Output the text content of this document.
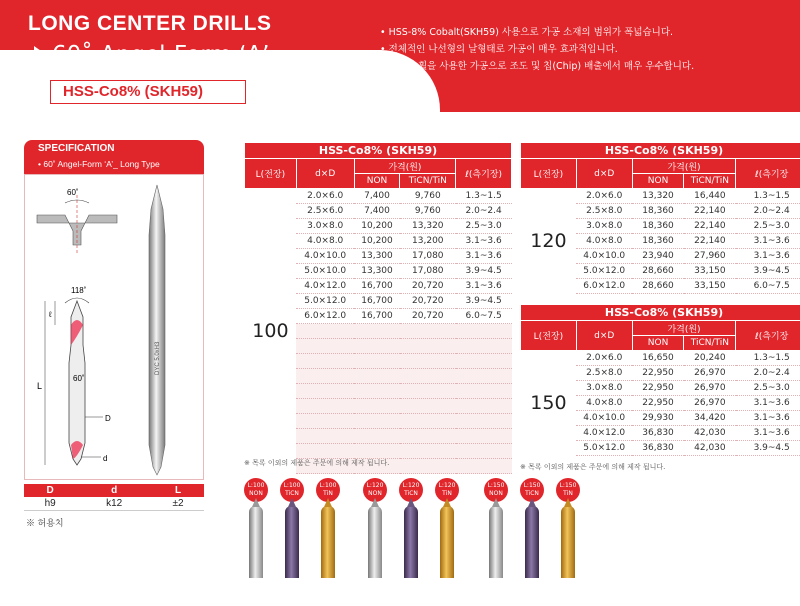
LONG CENTER DRILLS
60˚ Angel-Form ‘A’
HSS-Co8% (SKH59)
• HSS-8% Cobalt(SKH59) 사용으로 가공 소재의 범위가 폭넓습니다.
• 전체적인 나선형의 날형태로 가공이 매우 효과적입니다.
• C.B.N 휠을 사용한 가공으로 조도 및 칩(Chip) 배출에서 매우 우수합니다.
SPECIFICATION
• 60˚ Angel-Form ‘A’_ Long Type
60˚
118˚
60˚
ℓ
L
D
d
DYC 5.0xH3
D	d	L
h9	k12	±2
※ 허용치
HSS-Co8% (SKH59)				
L(전장)	d×D	가격(원)		ℓ(측기장)
		NON	TiCN/TiN	
100	2.0×6.0	7,400	9,760	1.3~1.5
	2.5×6.0	7,400	9,760	2.0~2.4
	3.0×8.0	10,200	13,320	2.5~3.0
	4.0×8.0	10,200	13,200	3.1~3.6
	4.0×10.0	13,300	17,080	3.1~3.6
	5.0×10.0	13,300	17,080	3.9~4.5
	4.0×12.0	16,700	20,720	3.1~3.6
	5.0×12.0	16,700	20,720	3.9~4.5
	6.0×12.0	16,700	20,720	6.0~7.5

HSS-Co8% (SKH59)				
L(전장)	d×D	가격(원)		ℓ(측기장
		NON	TiCN/TiN	
120	2.0×6.0	13,320	16,440	1.3~1.5
	2.5×8.0	18,360	22,140	2.0~2.4
	3.0×8.0	18,360	22,140	2.5~3.0
	4.0×8.0	18,360	22,140	3.1~3.6
	4.0×10.0	23,940	27,960	3.1~3.6
	5.0×12.0	28,660	33,150	3.9~4.5
	6.0×12.0	28,660	33,150	6.0~7.5
HSS-Co8% (SKH59)				
L(전장)	d×D	가격(원)		ℓ(측기장
		NON	TiCN/TiN	
150	2.0×6.0	16,650	20,240	1.3~1.5
	2.5×8.0	22,950	26,970	2.0~2.4
	3.0×8.0	22,950	26,970	2.5~3.0
	4.0×8.0	22,950	26,970	3.1~3.6
	4.0×10.0	29,930	34,420	3.1~3.6
	4.0×12.0	36,830	42,030	3.1~3.6
	5.0×12.0	36,830	42,030	3.9~4.5
※ 목록 이외의 제품은 주문에 의해 제작 됩니다.	※ 목록 이외의 제품은 주문에 의해 제작 됩니다.
L:100
NON
L:100
TiCN
L:100
TiN
L:120
NON
L:120
TiCN
L:120
TiN
L:150
NON
L:150
TiCN
L:150
TiN
